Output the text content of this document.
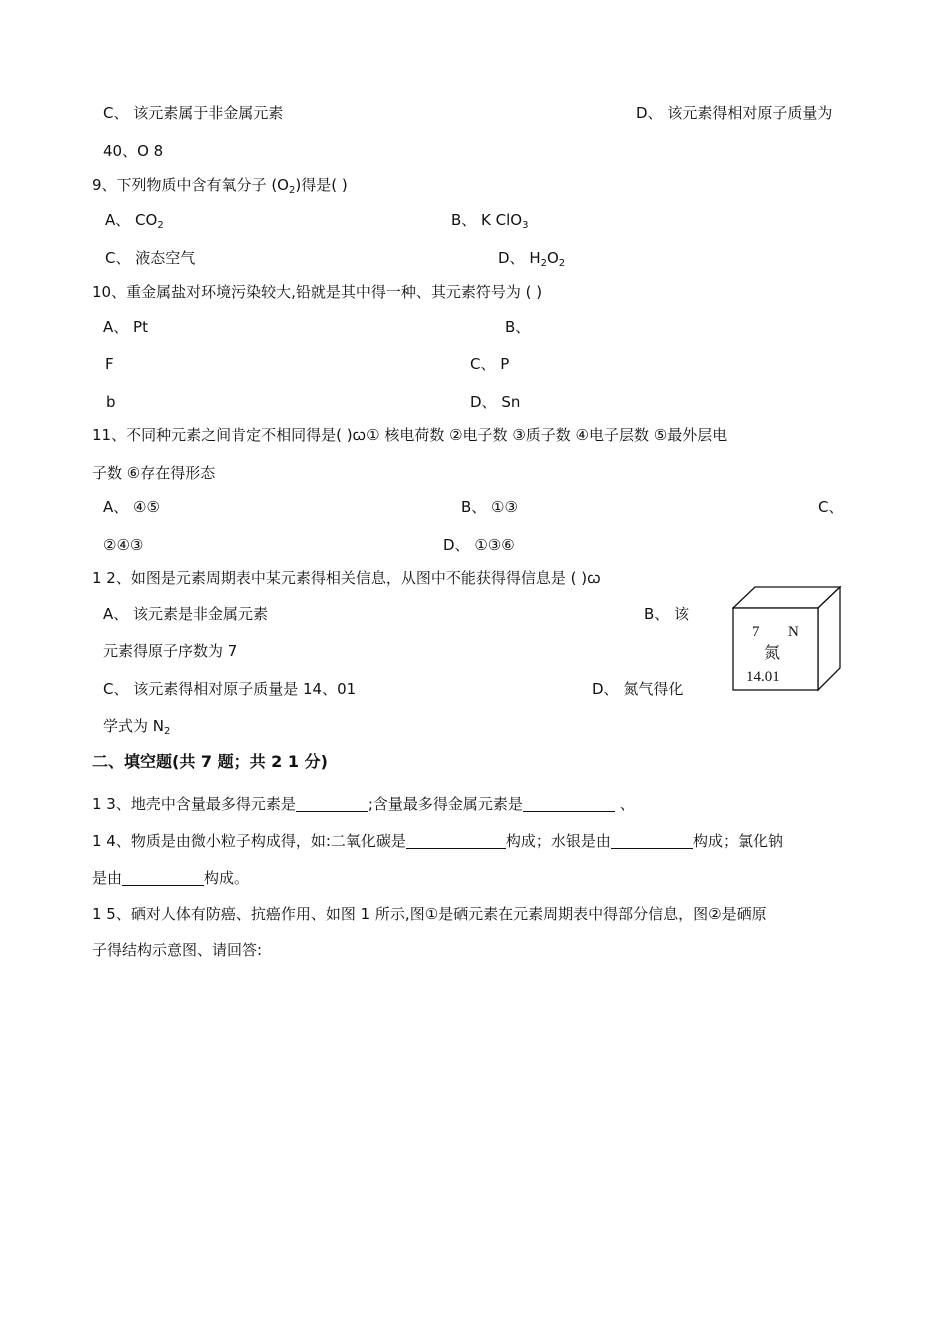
C、 该元素属于非金属元素	D、 该元素得相对原子质量为
40、O 8
9、下列物质中含有氧分子 $(O_2)$得是( )
A、 $CO_2$	B、 K ClO$_3$
C、 液态空气	D、 $H_2O_2$
10、重金属盐对环境污染较大,铅就是其中得一种、其元素符号为 ( )
A、 Pt	B、
F	C、 P
b	D、 Sn
11、不同种元素之间肯定不相同得是( )ꞷ① 核电荷数 ②电子数 ③质子数 ④电子层数 ⑤最外层电
子数 ⑥存在得形态
A、 ④⑤	B、 ①③	C、
②④③	D、 ①③⑥
1 2、如图是元素周期表中某元素得相关信息，从图中不能获得得信息是 ( )ꞷ
A、 该元素是非金属元素	B、 该
元素得原子序数为 7
C、 该元素得相对原子质量是 14、01	D、 氮气得化
学式为 $N_2$
7 N
氮
14.01
二、填空题(共 7 题；共 2 1 分)
1 3、地壳中含量最多得元素是	;含量最多得金属元素是	、
1 4、物质是由微小粒子构成得，如:二氧化碳是	构成；水银是由	构成；氯化钠
是由	构成。
1 5、硒对人体有防癌、抗癌作用、如图 1 所示,图①是硒元素在元素周期表中得部分信息，图②是硒原
子得结构示意图、请回答:
